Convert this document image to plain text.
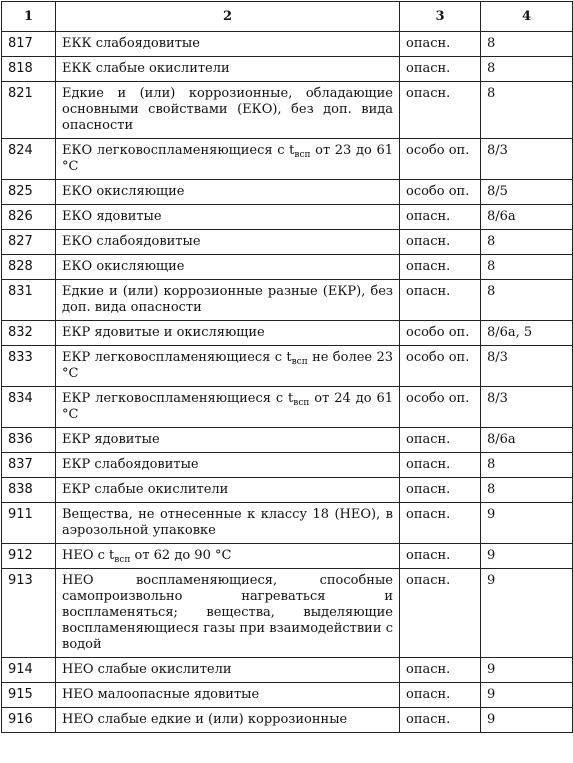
1	2	3	4
817	ЕКК слабоядовитые	опасн.	8
818	ЕКК слабые окислители	опасн.	8
821	Едкие и (или) коррозионные, обладающие основными свойствами (ЕКО), без доп. вида опасности	опасн.	8
824	ЕКО легковоспламеняющиеся с $t_{всп}$ от 23 до 61 °С	особо оп.	8/3
825	ЕКО окисляющие	особо оп.	8/5
826	ЕКО ядовитые	опасн.	8/6а
827	ЕКО слабоядовитые	опасн.	8
828	ЕКО окисляющие	опасн.	8
831	Едкие и (или) коррозионные разные (ЕКР), без доп. вида опасности	опасн.	8
832	ЕКР ядовитые и окисляющие	особо оп.	8/6а, 5
833	ЕКР легковоспламеняющиеся с $t_{всп}$ не более 23 °С	особо оп.	8/3
834	ЕКР легковоспламеняющиеся с $t_{всп}$ от 24 до 61 °С	особо оп.	8/3
836	ЕКР ядовитые	опасн.	8/6а
837	ЕКР слабоядовитые	опасн.	8
838	ЕКР слабые окислители	опасн.	8
911	Вещества, не отнесенные к классу 18 (НЕО), в аэрозольной упаковке	опасн.	9
912	НЕО с $t_{всп}$ от 62 до 90 °С	опасн.	9
913	НЕО воспламеняющиеся, способные самопроизвольно нагреваться и воспламеняться; вещества, выделяющие воспламеняющиеся газы при взаимодействии с водой	опасн.	9
914	НЕО слабые окислители	опасн.	9
915	НЕО малоопасные ядовитые	опасн.	9
916	НЕО слабые едкие и (или) коррозионные	опасн.	9
